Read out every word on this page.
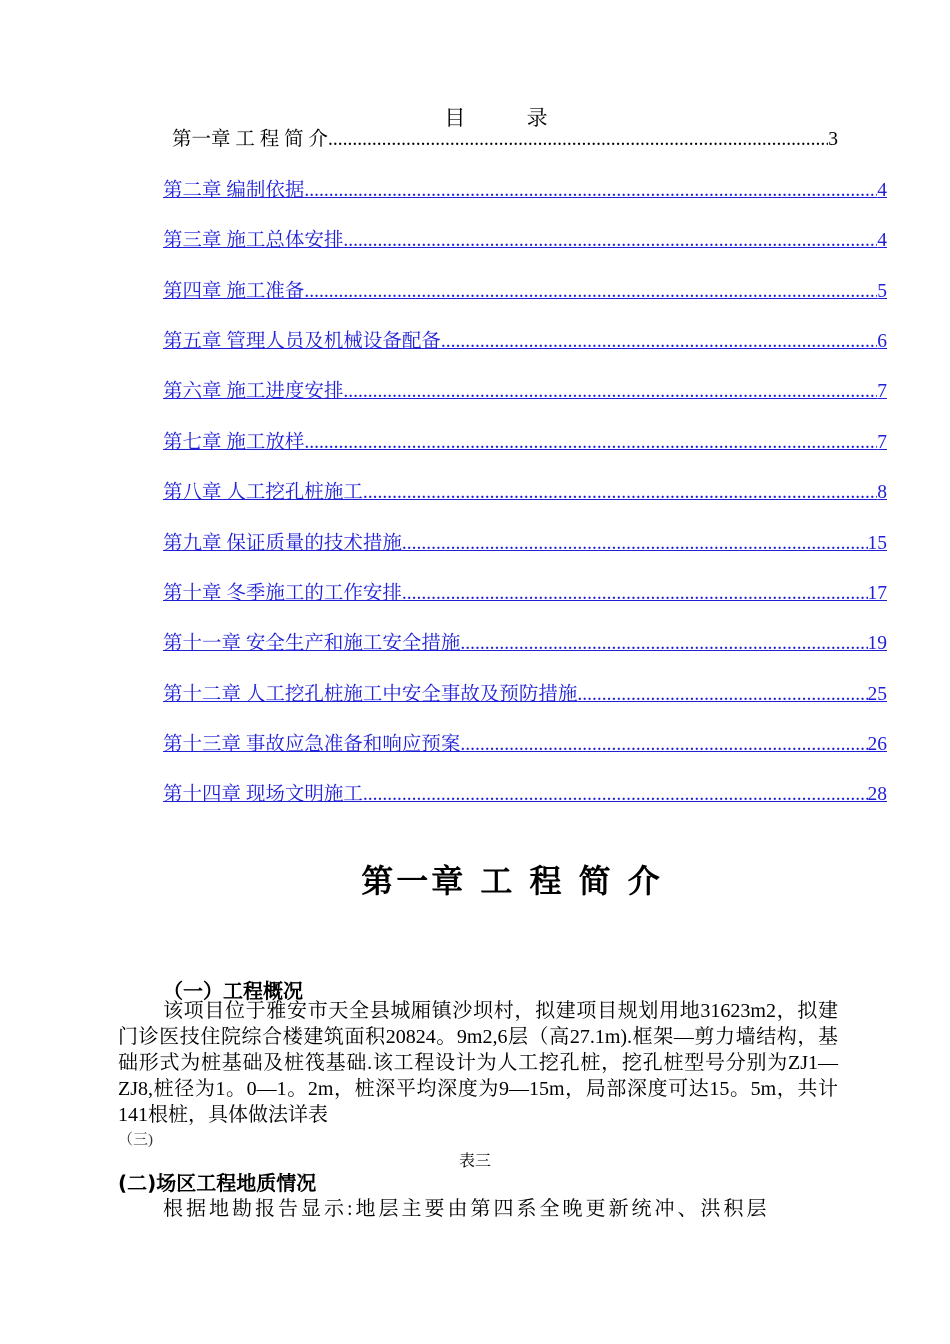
目 录
第一章 工 程 简 介 .....	3
第二章 编制依据 .....	4
第三章 施工总体安排 .....	4
第四章 施工准备 .....	5
第五章 管理人员及机械设备配备 .....	6
第六章 施工进度安排 .....	7
第七章 施工放样 .....	7
第八章 人工挖孔桩施工 .....	8
第九章 保证质量的技术措施 .....	15
第十章 冬季施工的工作安排 .....	17
第十一章 安全生产和施工安全措施 .....	19
第十二章 人工挖孔桩施工中安全事故及预防措施 .....	25
第十三章 事故应急准备和响应预案 .....	26
第十四章 现场文明施工 .....	28
第一章 工 程 简 介
（一）工程概况
该项目位于雅安市天全县城厢镇沙坝村，拟建项目规划用地31623m2，拟建门诊医技住院综合楼建筑面积20824。9m2,6层（高27.1m).框架—剪力墙结构，基础形式为桩基础及桩筏基础.该工程设计为人工挖孔桩，挖孔桩型号分别为ZJ1—ZJ8,桩径为1。0—1。2m，桩深平均深度为9—15m，局部深度可达15。5m，共计141根桩，具体做法详表
（三)
表三
(二)场区工程地质情况
根据地勘报告显示:地层主要由第四系全晚更新统冲、洪积层
